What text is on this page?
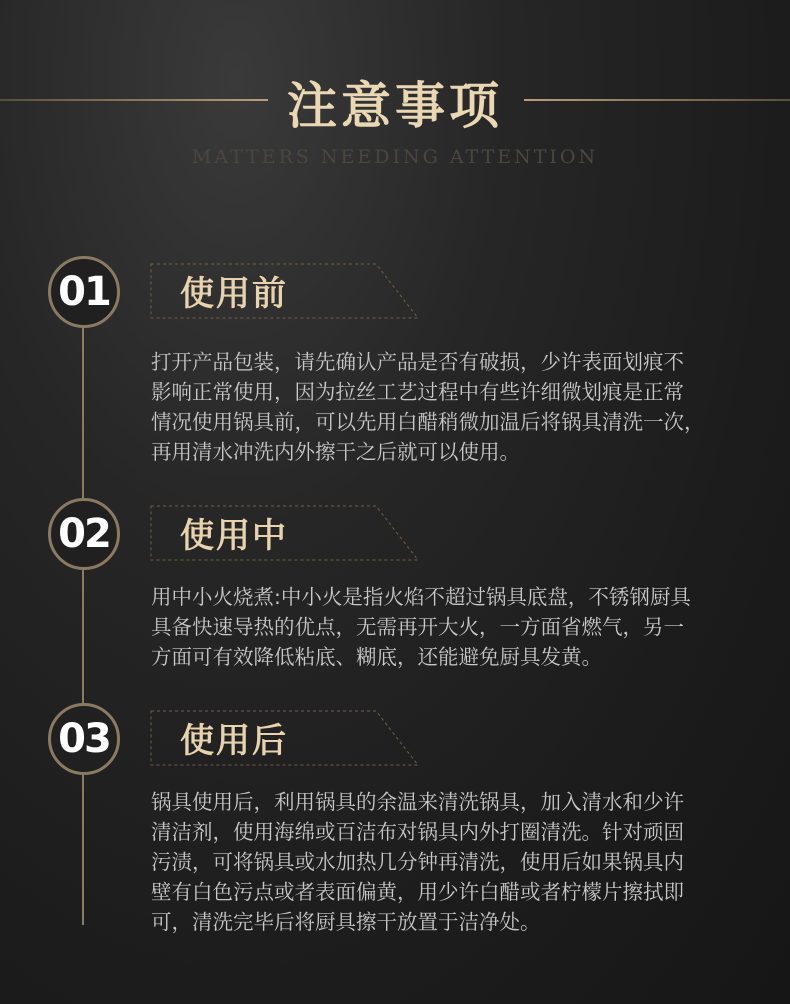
注意事项
MATTERS NEEDING ATTENTION
01 使用前
打开产品包装，请先确认产品是否有破损，少许表面划痕不
影响正常使用，因为拉丝工艺过程中有些许细微划痕是正常
情况使用锅具前，可以先用白醋稍微加温后将锅具清洗一次，
再用清水冲洗内外擦干之后就可以使用。
02 使用中
用中小火烧煮:中小火是指火焰不超过锅具底盘，不锈钢厨具
具备快速导热的优点，无需再开大火，一方面省燃气，另一
方面可有效降低粘底、糊底，还能避免厨具发黄。
03 使用后
锅具使用后，利用锅具的余温来清洗锅具，加入清水和少许
清洁剂，使用海绵或百洁布对锅具内外打圈清洗。针对顽固
污渍，可将锅具或水加热几分钟再清洗，使用后如果锅具内
壁有白色污点或者表面偏黄，用少许白醋或者柠檬片擦拭即
可，清洗完毕后将厨具擦干放置于洁净处。
